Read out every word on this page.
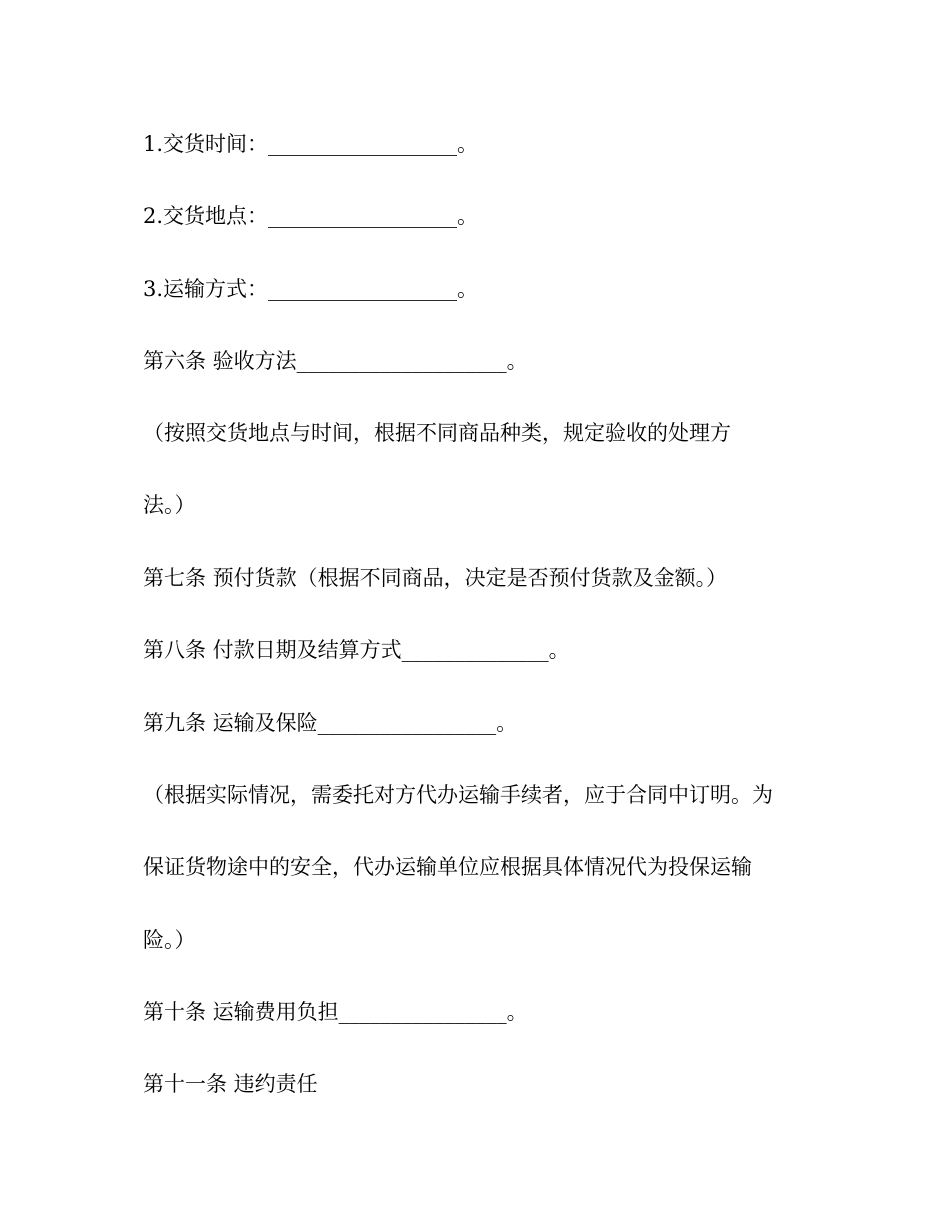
1.交货时间：__________________。
2.交货地点：__________________。
3.运输方式：__________________。
第六条 验收方法____________________。
（按照交货地点与时间，根据不同商品种类，规定验收的处理方
法。）
第七条 预付货款（根据不同商品，决定是否预付货款及金额。）
第八条 付款日期及结算方式______________。
第九条 运输及保险_________________。
（根据实际情况，需委托对方代办运输手续者，应于合同中订明。为
保证货物途中的安全，代办运输单位应根据具体情况代为投保运输
险。）
第十条 运输费用负担________________。
第十一条 违约责任
